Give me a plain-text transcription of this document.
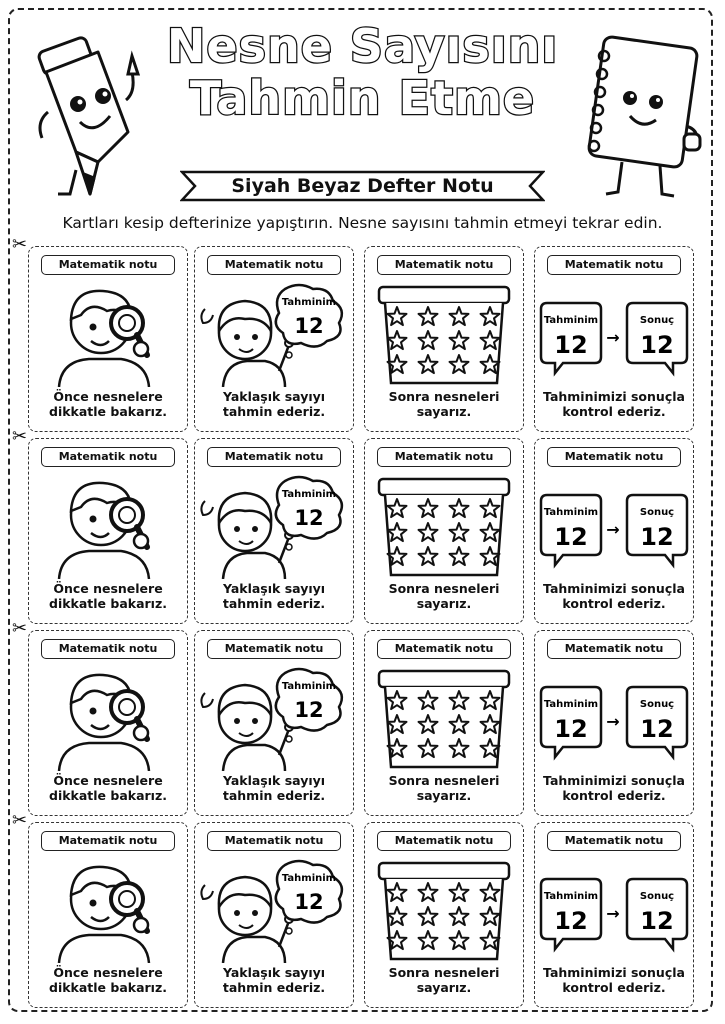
Nesne Sayısını
Tahmin Etme
Siyah Beyaz Defter Notu
Kartları kesip defterinize yapıştırın. Nesne sayısını tahmin etmeyi tekrar edin.
✂
✂
✂
✂
Matematik notu
Önce nesnelere
dikkatle bakarız.
Matematik notu
Tahminim
12
Yaklaşık sayıyı
tahmin ederiz.
Matematik notu
Sonra nesneleri
sayarız.
Matematik notu
Tahminim
12 →
Sonuç
12
Tahminimizi sonuçla
kontrol ederiz.
Matematik notu
Önce nesnelere
dikkatle bakarız.
Matematik notu
Tahminim
12
Yaklaşık sayıyı
tahmin ederiz.
Matematik notu
Sonra nesneleri
sayarız.
Matematik notu
Tahminim
12 →
Sonuç
12
Tahminimizi sonuçla
kontrol ederiz.
Matematik notu
Önce nesnelere
dikkatle bakarız.
Matematik notu
Tahminim
12
Yaklaşık sayıyı
tahmin ederiz.
Matematik notu
Sonra nesneleri
sayarız.
Matematik notu
Tahminim
12 →
Sonuç
12
Tahminimizi sonuçla
kontrol ederiz.
Matematik notu
Önce nesnelere
dikkatle bakarız.
Matematik notu
Tahminim
12
Yaklaşık sayıyı
tahmin ederiz.
Matematik notu
Sonra nesneleri
sayarız.
Matematik notu
Tahminim
12 →
Sonuç
12
Tahminimizi sonuçla
kontrol ederiz.
